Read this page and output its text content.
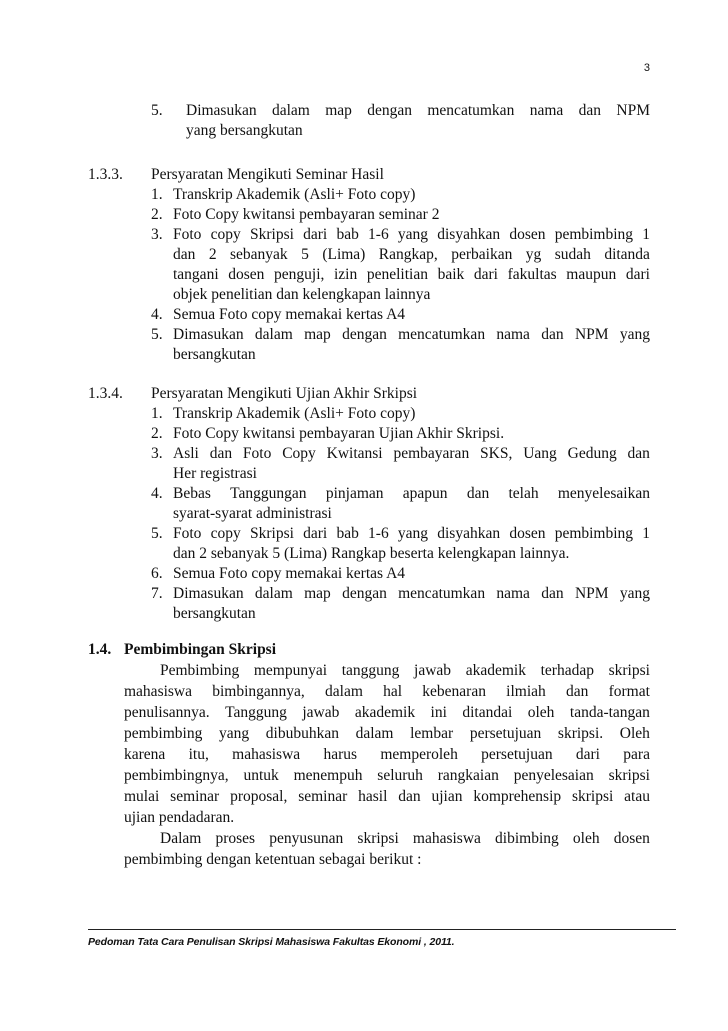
3
5. Dimasukan dalam map dengan mencatumkan nama dan NPM
yang bersangkutan
1.3.3. Persyaratan Mengikuti Seminar Hasil
1. Transkrip Akademik (Asli+ Foto copy)
2. Foto Copy kwitansi pembayaran seminar 2
3. Foto copy Skripsi dari bab 1-6 yang disyahkan dosen pembimbing 1
dan 2 sebanyak 5 (Lima) Rangkap, perbaikan yg sudah ditanda
tangani dosen penguji, izin penelitian baik dari fakultas maupun dari
objek penelitian dan kelengkapan lainnya
4. Semua Foto copy memakai kertas A4
5. Dimasukan dalam map dengan mencatumkan nama dan NPM yang
bersangkutan
1.3.4. Persyaratan Mengikuti Ujian Akhir Srkipsi
1. Transkrip Akademik (Asli+ Foto copy)
2. Foto Copy kwitansi pembayaran Ujian Akhir Skripsi.
3. Asli dan Foto Copy Kwitansi pembayaran SKS, Uang Gedung dan
Her registrasi
4. Bebas Tanggungan pinjaman apapun dan telah menyelesaikan
syarat-syarat administrasi
5. Foto copy Skripsi dari bab 1-6 yang disyahkan dosen pembimbing 1
dan 2 sebanyak 5 (Lima) Rangkap beserta kelengkapan lainnya.
6. Semua Foto copy memakai kertas A4
7. Dimasukan dalam map dengan mencatumkan nama dan NPM yang
bersangkutan
1.4. Pembimbingan Skripsi
Pembimbing mempunyai tanggung jawab akademik terhadap skripsi
mahasiswa bimbingannya, dalam hal kebenaran ilmiah dan format
penulisannya. Tanggung jawab akademik ini ditandai oleh tanda-tangan
pembimbing yang dibubuhkan dalam lembar persetujuan skripsi. Oleh
karena itu, mahasiswa harus memperoleh persetujuan dari para
pembimbingnya, untuk menempuh seluruh rangkaian penyelesaian skripsi
mulai seminar proposal, seminar hasil dan ujian komprehensip skripsi atau
ujian pendadaran.
Dalam proses penyusunan skripsi mahasiswa dibimbing oleh dosen
pembimbing dengan ketentuan sebagai berikut :
Pedoman Tata Cara Penulisan Skripsi Mahasiswa Fakultas Ekonomi , 2011.
